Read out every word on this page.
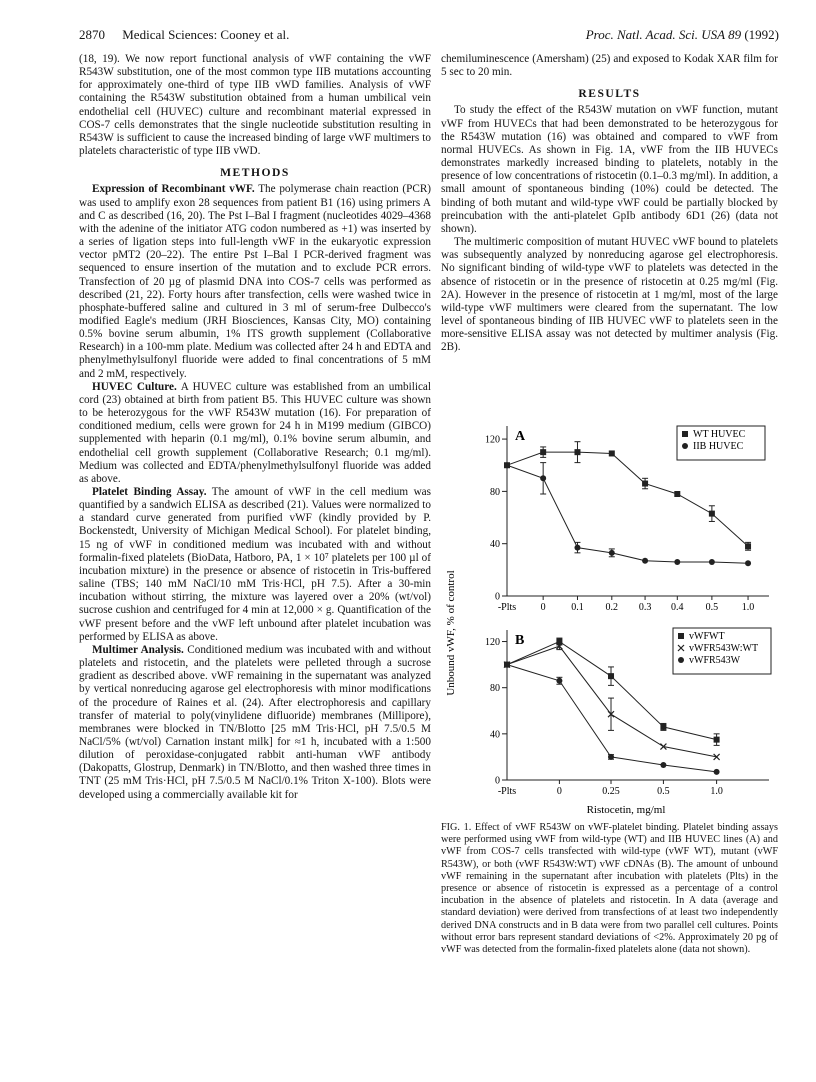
2870 Medical Sciences: Cooney et al.	Proc. Natl. Acad. Sci. USA 89 (1992)

(18, 19). We now report functional analysis of vWF containing the vWF R543W substitution, one of the most common type IIB mutations accounting for approximately one-third of type IIB vWD families. Analysis of vWF containing the R543W substitution obtained from a human umbilical vein endothelial cell (HUVEC) culture and recombinant material expressed in COS-7 cells demonstrates that the single nucleotide substitution resulting in R543W is sufficient to cause the increased binding of large vWF multimers to platelets characteristic of type IIB vWD.

METHODS

Expression of Recombinant vWF. The polymerase chain reaction (PCR) was used to amplify exon 28 sequences from patient B1 (16) using primers A and C as described (16, 20). The Pst I–Bal I fragment (nucleotides 4029–4368 with the adenine of the initiator ATG codon numbered as +1) was inserted by a series of ligation steps into full-length vWF in the eukaryotic expression vector pMT2 (20–22). The entire Pst I–Bal I PCR-derived fragment was sequenced to ensure insertion of the mutation and to exclude PCR errors. Transfection of 20 µg of plasmid DNA into COS-7 cells was performed as described (21, 22). Forty hours after transfection, cells were washed twice in phosphate-buffered saline and cultured in 3 ml of serum-free Dulbecco's modified Eagle's medium (JRH Biosciences, Kansas City, MO) containing 0.5% bovine serum albumin, 1% ITS growth supplement (Collaborative Research) in a 100-mm plate. Medium was collected after 24 h and EDTA and phenylmethylsulfonyl fluoride were added to final concentrations of 5 mM and 2 mM, respectively.

HUVEC Culture. A HUVEC culture was established from an umbilical cord (23) obtained at birth from patient B5. This HUVEC culture was shown to be heterozygous for the vWF R543W mutation (16). For preparation of conditioned medium, cells were grown for 24 h in M199 medium (GIBCO) supplemented with heparin (0.1 mg/ml), 0.1% bovine serum albumin, and endothelial cell growth supplement (Collaborative Research; 0.1 mg/ml). Medium was collected and EDTA/phenylmethylsulfonyl fluoride was added as above.

Platelet Binding Assay. The amount of vWF in the cell medium was quantified by a sandwich ELISA as described (21). Values were normalized to a standard curve generated from purified vWF (kindly provided by P. Bockenstedt, University of Michigan Medical School). For platelet binding, 15 ng of vWF in conditioned medium was incubated with and without formalin-fixed platelets (BioData, Hatboro, PA, 1 × 10⁷ platelets per 100 µl of incubation mixture) in the presence or absence of ristocetin in Tris-buffered saline (TBS; 140 mM NaCl/10 mM Tris·HCl, pH 7.5). After a 30-min incubation without stirring, the mixture was layered over a 20% (wt/vol) sucrose cushion and centrifuged for 4 min at 12,000 × g. Quantification of the vWF present before and the vWF left unbound after platelet incubation was performed by ELISA as above.

Multimer Analysis. Conditioned medium was incubated with and without platelets and ristocetin, and the platelets were pelleted through a sucrose gradient as described above. vWF remaining in the supernatant was analyzed by vertical nonreducing agarose gel electrophoresis with minor modifications of the procedure of Raines et al. (24). After electrophoresis and capillary transfer of material to poly(vinylidene difluoride) membranes (Millipore), membranes were blocked in TN/Blotto [25 mM Tris·HCl, pH 7.5/0.5 M NaCl/5% (wt/vol) Carnation instant milk] for ≈1 h, incubated with a 1:500 dilution of peroxidase-conjugated rabbit anti-human vWF antibody (Dakopatts, Glostrup, Denmark) in TN/Blotto, and then washed three times in TNT (25 mM Tris·HCl, pH 7.5/0.5 M NaCl/0.1% Triton X-100). Blots were developed using a commercially available kit for

chemiluminescence (Amersham) (25) and exposed to Kodak XAR film for 5 sec to 20 min.

RESULTS

To study the effect of the R543W mutation on vWF function, mutant vWF from HUVECs that had been demonstrated to be heterozygous for the R543W mutation (16) was obtained and compared to vWF from normal HUVECs. As shown in Fig. 1A, vWF from the IIB HUVECs demonstrates markedly increased binding to platelets, notably in the presence of low concentrations of ristocetin (0.1–0.3 mg/ml). In addition, a small amount of spontaneous binding (10%) could be detected. The binding of both mutant and wild-type vWF could be partially blocked by preincubation with the anti-platelet GpIb antibody 6D1 (26) (data not shown).

The multimeric composition of mutant HUVEC vWF bound to platelets was subsequently analyzed by nonreducing agarose gel electrophoresis. No significant binding of wild-type vWF to platelets was detected in the absence of ristocetin or in the presence of ristocetin at 0.25 mg/ml (Fig. 2A). However in the presence of ristocetin at 1 mg/ml, most of the large wild-type vWF multimers were cleared from the supernatant. The low level of spontaneous binding of IIB HUVEC vWF to platelets seen in the more-sensitive ELISA assay was not detected by multimer analysis (Fig. 2B).

Unbound vWF, % of control
Ristocetin, mg/ml
0
40
80
120
-Plts 0	0.1 0.2 0.3 0.4 0.5 1.0
A	WT HUVEC
IIB HUVEC
0
40
80
120
-Plts	0	0.25	0.5	1.0
B	vWFWT
vWFR543W:WT
vWFR543W
FIG. 1. Effect of vWF R543W on vWF-platelet binding. Platelet binding assays were performed using vWF from wild-type (WT) and IIB HUVEC lines (A) and vWF from COS-7 cells transfected with wild-type (vWF WT), mutant (vWF R543W), or both (vWF R543W:WT) vWF cDNAs (B). The amount of unbound vWF remaining in the supernatant after incubation with platelets (Plts) in the presence or absence of ristocetin is expressed as a percentage of a control incubation in the absence of platelets and ristocetin. In A data (average and standard deviation) were derived from transfections of at least two independently derived DNA constructs and in B data were from two parallel cell cultures. Points without error bars represent standard deviations of <2%. Approximately 20 pg of vWF was detected from the formalin-fixed platelets alone (data not shown).
